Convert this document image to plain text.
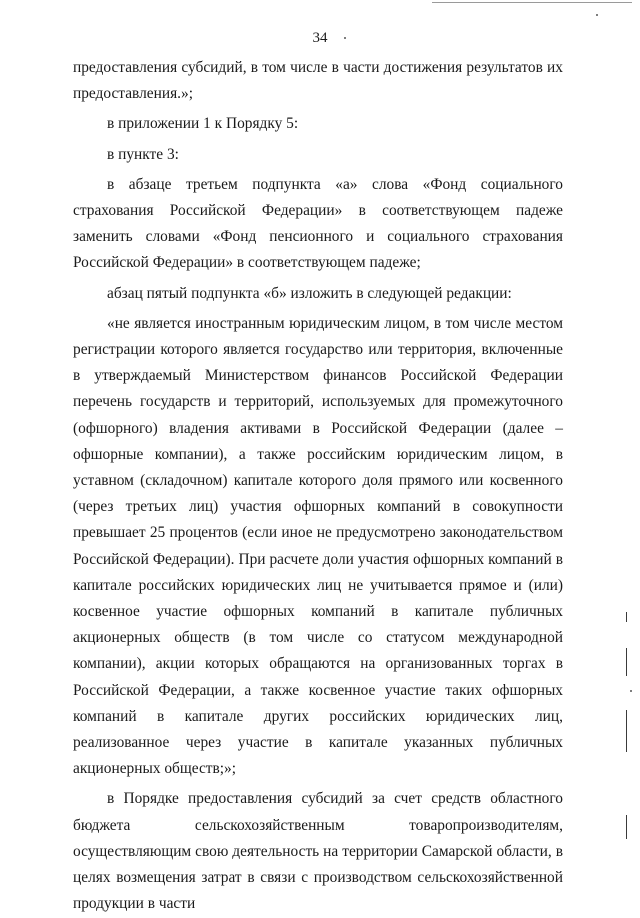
34

предоставления субсидий, в том числе в части достижения результатов их предоставления.»;

в приложении 1 к Порядку 5:

в пункте 3:

в абзаце третьем подпункта «а» слова «Фонд социального страхования Российской Федерации» в соответствующем падеже заменить словами «Фонд пенсионного и социального страхования Российской Федерации» в соответствующем падеже;

абзац пятый подпункта «б» изложить в следующей редакции:

«не является иностранным юридическим лицом, в том числе местом регистрации которого является государство или территория, включенные в утверждаемый Министерством финансов Российской Федерации перечень государств и территорий, используемых для промежуточного (офшорного) владения активами в Российской Федерации (далее – офшорные компании), а также российским юридическим лицом, в уставном (складочном) капитале которого доля прямого или косвенного (через третьих лиц) участия офшорных компаний в совокупности превышает 25 процентов (если иное не предусмотрено законодательством Российской Федерации). При расчете доли участия офшорных компаний в капитале российских юридических лиц не учитывается прямое и (или) косвенное участие офшорных компаний в капитале публичных акционерных обществ (в том числе со статусом международной компании), акции которых обращаются на организованных торгах в Российской Федерации, а также косвенное участие таких офшорных компаний в капитале других российских юридических лиц, реализованное через участие в капитале указанных публичных акционерных обществ;»;

в Порядке предоставления субсидий за счет средств областного бюджета сельскохозяйственным товаропроизводителям, осуществляющим свою деятельность на территории Самарской области, в целях возмещения затрат в связи с производством сельскохозяйственной продукции в части
